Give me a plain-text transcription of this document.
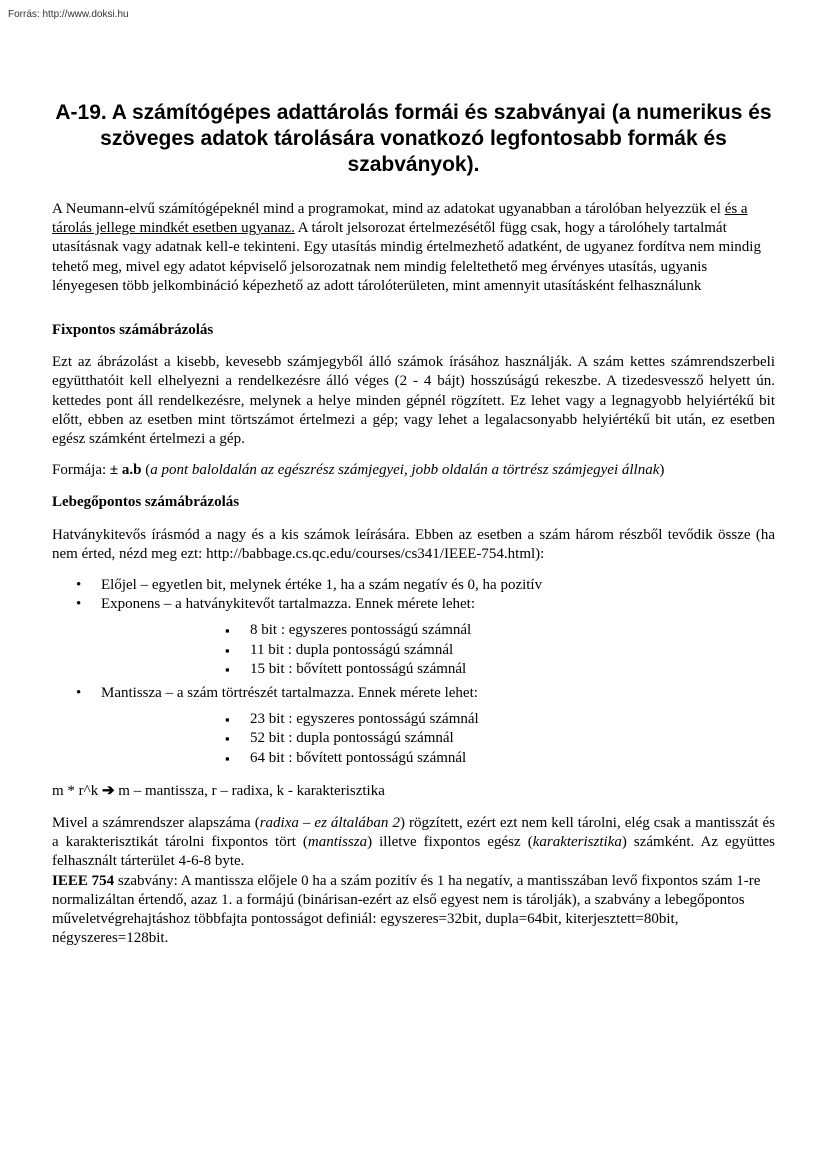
Forrás: http://www.doksi.hu
A-19. A számítógépes adattárolás formái és szabványai (a numerikus és szöveges adatok tárolására vonatkozó legfontosabb formák és szabványok).

A Neumann-elvű számítógépeknél mind a programokat, mind az adatokat ugyanabban a tárolóban helyezzük el és a tárolás jellege mindkét esetben ugyanaz. A tárolt jelsorozat értelmezésétől függ csak, hogy a tárolóhely tartalmát utasításnak vagy adatnak kell-e tekinteni. Egy utasítás mindig értelmezhető adatként, de ugyanez fordítva nem mindig tehető meg, mivel egy adatot képviselő jelsorozatnak nem mindig feleltethető meg érvényes utasítás, ugyanis lényegesen több jelkombináció képezhető az adott tárolóterületen, mint amennyit utasításként felhasználunk

Fixpontos számábrázolás

Ezt az ábrázolást a kisebb, kevesebb számjegyből álló számok írásához használják. A szám kettes számrendszerbeli együtthatóit kell elhelyezni a rendelkezésre álló véges (2 - 4 bájt) hosszúságú rekeszbe. A tizedesvessző helyett ún. kettedes pont áll rendelkezésre, melynek a helye minden gépnél rögzített. Ez lehet vagy a legnagyobb helyiértékű bit előtt, ebben az esetben mint törtszámot értelmezi a gép; vagy lehet a legalacsonyabb helyiértékű bit után, ez esetben egész számként értelmezi a gép.

Formája: ± a.b (a pont baloldalán az egészrész számjegyei, jobb oldalán a törtrész számjegyei állnak)

Lebegőpontos számábrázolás

Hatványkitevős írásmód a nagy és a kis számok leírására. Ebben az esetben a szám három részből tevődik össze (ha nem érted, nézd meg ezt: http://babbage.cs.qc.edu/courses/cs341/IEEE-754.html):

• Előjel – egyetlen bit, melynek értéke 1, ha a szám negatív és 0, ha pozitív
• Exponens – a hatványkitevőt tartalmazza. Ennek mérete lehet:
▪ 8 bit : egyszeres pontosságú számnál
▪ 11 bit : dupla pontosságú számnál
▪ 15 bit : bővített pontosságú számnál
• Mantissza – a szám törtrészét tartalmazza. Ennek mérete lehet:
▪ 23 bit : egyszeres pontosságú számnál
▪ 52 bit : dupla pontosságú számnál
▪ 64 bit : bővített pontosságú számnál

m * r^k ➔ m – mantissza, r – radixa, k - karakterisztika

Mivel a számrendszer alapszáma (radixa – ez általában 2) rögzített, ezért ezt nem kell tárolni, elég csak a mantisszát és a karakterisztikát tárolni fixpontos tört (mantissza) illetve fixpontos egész (karakterisztika) számként. Az együttes felhasznált tárterület 4-6-8 byte.

IEEE 754 szabvány: A mantissza előjele 0 ha a szám pozitív és 1 ha negatív, a mantisszában levő fixpontos szám 1-re normalizáltan értendő, azaz 1. a formájú (binárisan-ezért az első egyest nem is tárolják), a szabvány a lebegőpontos műveletvégrehajtáshoz többfajta pontosságot definiál: egyszeres=32bit, dupla=64bit, kiterjesztett=80bit, négyszeres=128bit.
